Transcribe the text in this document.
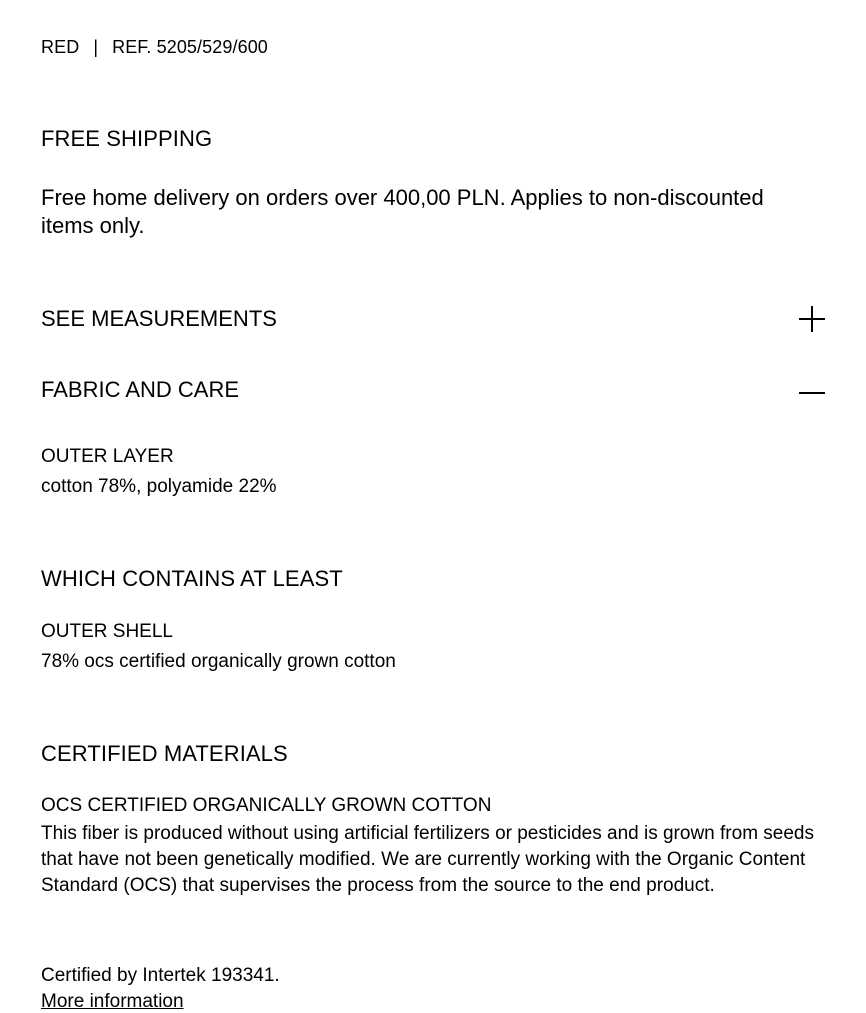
RED | REF. 5205/529/600
FREE SHIPPING
Free home delivery on orders over 400,00 PLN. Applies to non-discounted items only.
SEE MEASUREMENTS
FABRIC AND CARE
OUTER LAYER
cotton 78%, polyamide 22%
WHICH CONTAINS AT LEAST
OUTER SHELL
78% ocs certified organically grown cotton
CERTIFIED MATERIALS
OCS CERTIFIED ORGANICALLY GROWN COTTON
This fiber is produced without using artificial fertilizers or pesticides and is grown from seeds that have not been genetically modified. We are currently working with the Organic Content Standard (OCS) that supervises the process from the source to the end product.
Certified by Intertek 193341.
More information
